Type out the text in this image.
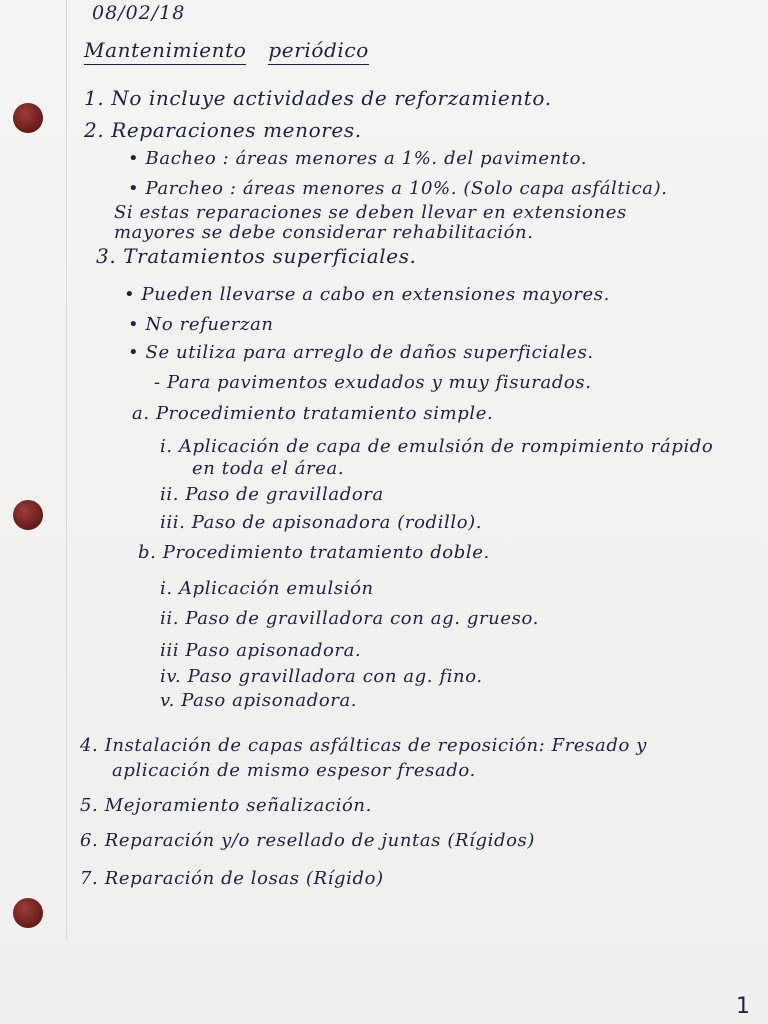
08/02/18
Mantenimiento periódico
1. No incluye actividades de reforzamiento.
2. Reparaciones menores.
• Bacheo : áreas menores a 1%. del pavimento.
• Parcheo : áreas menores a 10%. (Solo capa asfáltica).
Si estas reparaciones se deben llevar en extensiones
mayores se debe considerar rehabilitación.
3. Tratamientos superficiales.
• Pueden llevarse a cabo en extensiones mayores.
• No refuerzan
• Se utiliza para arreglo de daños superficiales.
- Para pavimentos exudados y muy fisurados.
a. Procedimiento tratamiento simple.
i. Aplicación de capa de emulsión de rompimiento rápido
en toda el área.
ii. Paso de gravilladora
iii. Paso de apisonadora (rodillo).
b. Procedimiento tratamiento doble.
i. Aplicación emulsión
ii. Paso de gravilladora con ag. grueso.
iii Paso apisonadora.
iv. Paso gravilladora con ag. fino.
v. Paso apisonadora.
4. Instalación de capas asfálticas de reposición: Fresado y
aplicación de mismo espesor fresado.
5. Mejoramiento señalización.
6. Reparación y/o resellado de juntas (Rígidos)
7. Reparación de losas (Rígido)
1
